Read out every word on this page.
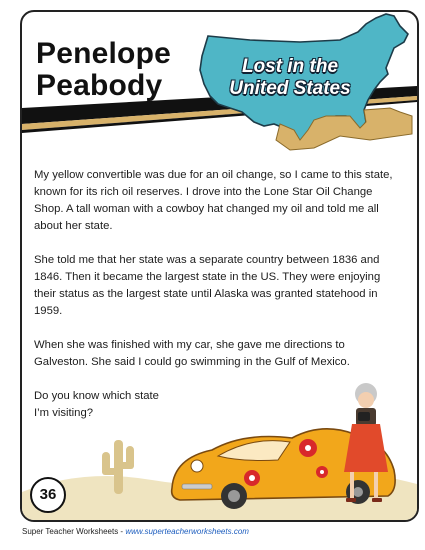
Penelope
Peabody
Lost in the
United States

My yellow convertible was due for an oil change, so I came to this state, known for its rich oil reserves. I drove into the Lone Star Oil Change Shop. A tall woman with a cowboy hat changed my oil and told me all about her state.

She told me that her state was a separate country between 1836 and 1846. Then it became the largest state in the US. They were enjoying their status as the largest state until Alaska was granted statehood in 1959.

When she was finished with my car, she gave me directions to Galveston. She said I could go swimming in the Gulf of Mexico.

Do you know which state I’m visiting?

36
Super Teacher Worksheets - www.superteacherworksheets.com
